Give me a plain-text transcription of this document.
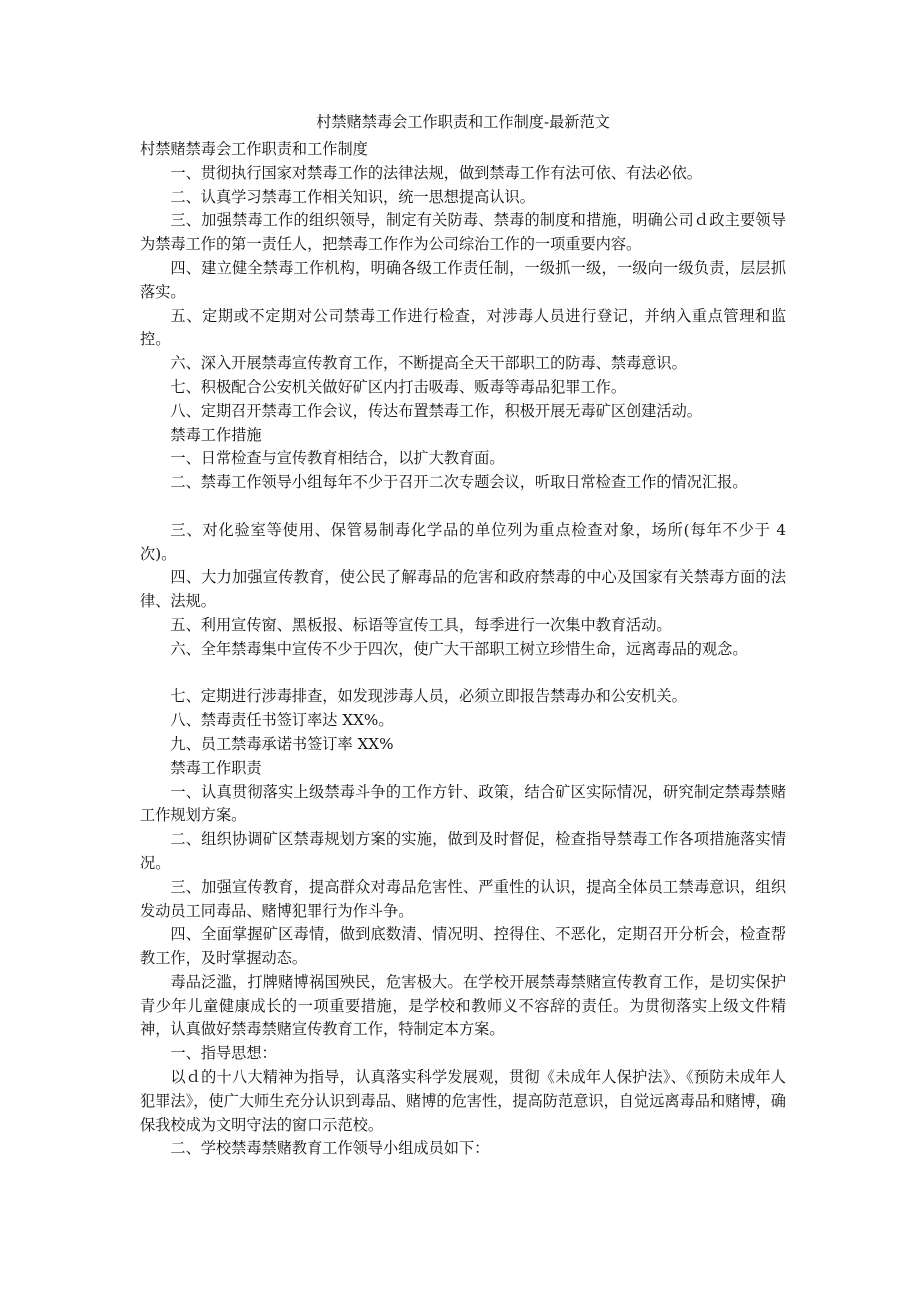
村禁赌禁毒会工作职责和工作制度-最新范文

村禁赌禁毒会工作职责和工作制度

一、贯彻执行国家对禁毒工作的法律法规，做到禁毒工作有法可依、有法必依。

二、认真学习禁毒工作相关知识，统一思想提高认识。

三、加强禁毒工作的组织领导，制定有关防毒、禁毒的制度和措施，明确公司ｄ政主要领导为禁毒工作的第一责任人，把禁毒工作作为公司综治工作的一项重要内容。

四、建立健全禁毒工作机构，明确各级工作责任制，一级抓一级，一级向一级负责，层层抓落实。

五、定期或不定期对公司禁毒工作进行检查，对涉毒人员进行登记，并纳入重点管理和监控。

六、深入开展禁毒宣传教育工作，不断提高全天干部职工的防毒、禁毒意识。

七、积极配合公安机关做好矿区内打击吸毒、贩毒等毒品犯罪工作。

八、定期召开禁毒工作会议，传达布置禁毒工作，积极开展无毒矿区创建活动。

禁毒工作措施

一、日常检查与宣传教育相结合，以扩大教育面。

二、禁毒工作领导小组每年不少于召开二次专题会议，听取日常检查工作的情况汇报。

三、对化验室等使用、保管易制毒化学品的单位列为重点检查对象，场所(每年不少于 4 次)。

四、大力加强宣传教育，使公民了解毒品的危害和政府禁毒的中心及国家有关禁毒方面的法律、法规。

五、利用宣传窗、黑板报、标语等宣传工具，每季进行一次集中教育活动。

六、全年禁毒集中宣传不少于四次，使广大干部职工树立珍惜生命，远离毒品的观念。

七、定期进行涉毒排查，如发现涉毒人员，必须立即报告禁毒办和公安机关。

八、禁毒责任书签订率达 XX%。

九、员工禁毒承诺书签订率 XX%

禁毒工作职责

一、认真贯彻落实上级禁毒斗争的工作方针、政策，结合矿区实际情况，研究制定禁毒禁赌工作规划方案。

二、组织协调矿区禁毒规划方案的实施，做到及时督促，检查指导禁毒工作各项措施落实情况。

三、加强宣传教育，提高群众对毒品危害性、严重性的认识，提高全体员工禁毒意识，组织发动员工同毒品、赌博犯罪行为作斗争。

四、全面掌握矿区毒情，做到底数清、情况明、控得住、不恶化，定期召开分析会，检查帮教工作，及时掌握动态。

毒品泛滥，打牌赌博祸国殃民，危害极大。在学校开展禁毒禁赌宣传教育工作，是切实保护青少年儿童健康成长的一项重要措施，是学校和教师义不容辞的责任。为贯彻落实上级文件精神，认真做好禁毒禁赌宣传教育工作，特制定本方案。

一、指导思想：

以ｄ的十八大精神为指导，认真落实科学发展观，贯彻《未成年人保护法》、《预防未成年人犯罪法》，使广大师生充分认识到毒品、赌博的危害性，提高防范意识，自觉远离毒品和赌博，确保我校成为文明守法的窗口示范校。

二、学校禁毒禁赌教育工作领导小组成员如下：
